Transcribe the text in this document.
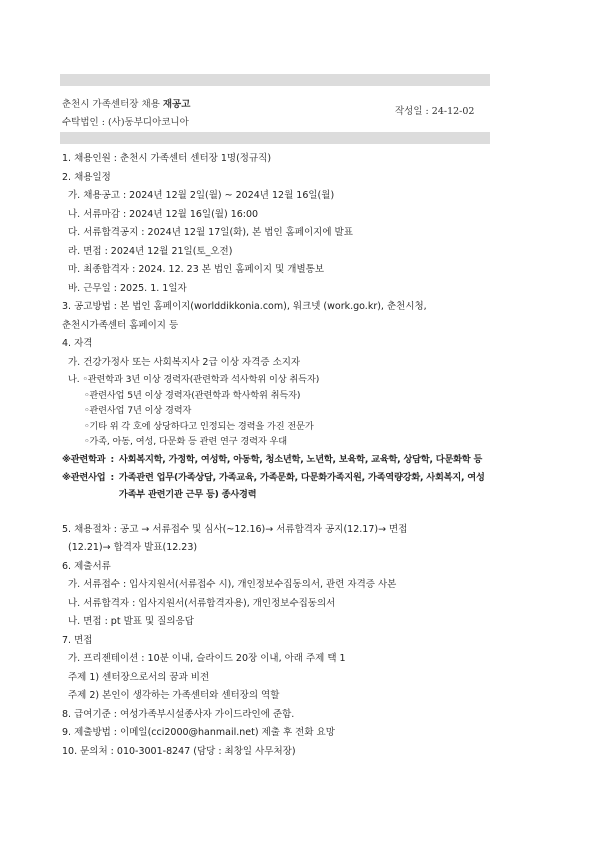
춘천시 가족센터장 채용 재공고
수탁법인 : (사)동부디아코니아
작성일 : 24-12-02
1. 채용인원 : 춘천시 가족센터 센터장 1명(정규직)
2. 채용일정
가. 채용공고 : 2024년 12월 2일(월) ~ 2024년 12월 16일(월)
나. 서류마감 : 2024년 12월 16일(월) 16:00
다. 서류합격공지 : 2024년 12월 17일(화), 본 법인 홈페이지에 발표
라. 면접 : 2024년 12월 21일(토_오전)
마. 최종합격자 : 2024. 12. 23 본 법인 홈페이지 및 개별통보
바. 근무일 : 2025. 1. 1일자
3. 공고방법 : 본 법인 홈페이지(worlddikkonia.com), 워크넷 (work.go.kr), 춘천시청,
춘천시가족센터 홈페이지 등
4. 자격
가. 건강가정사 또는 사회복지사 2급 이상 자격증 소지자
나. ◦관련학과 3년 이상 경력자(관련학과 석사학위 이상 취득자)
◦관련사업 5년 이상 경력자(관련학과 학사학위 취득자)
◦관련사업 7년 이상 경력자
◦기타 위 각 호에 상당하다고 인정되는 경력을 가진 전문가
◦가족, 아동, 여성, 다문화 등 관련 연구 경력자 우대
※관련학과 : 사회복지학, 가정학, 여성학, 아동학, 청소년학, 노년학, 보육학, 교육학, 상담학, 다문화학 등
※관련사업 : 가족관련 업무(가족상담, 가족교육, 가족문화, 다문화가족지원, 가족역량강화, 사회복지, 여성가족부 관련기관 근무 등) 종사경력
5. 채용절차 : 공고 → 서류접수 및 심사(~12.16)→ 서류합격자 공지(12.17)→ 면접
(12.21)→ 합격자 발표(12.23)
6. 제출서류
가. 서류접수 : 입사지원서(서류접수 시), 개인정보수집동의서, 관련 자격증 사본
나. 서류합격자 : 입사지원서(서류합격자용), 개인정보수집동의서
나. 면접 : pt 발표 및 질의응답
7. 면접
가. 프리젠테이션 : 10분 이내, 슬라이드 20장 이내, 아래 주제 택 1
주제 1) 센터장으로서의 꿈과 비전
주제 2) 본인이 생각하는 가족센터와 센터장의 역할
8. 급여기준 : 여성가족부시설종사자 가이드라인에 준함.
9. 제출방법 : 이메일(cci2000@hanmail.net) 제출 후 전화 요망
10. 문의처 : 010-3001-8247 (담당 : 최창일 사무처장)
